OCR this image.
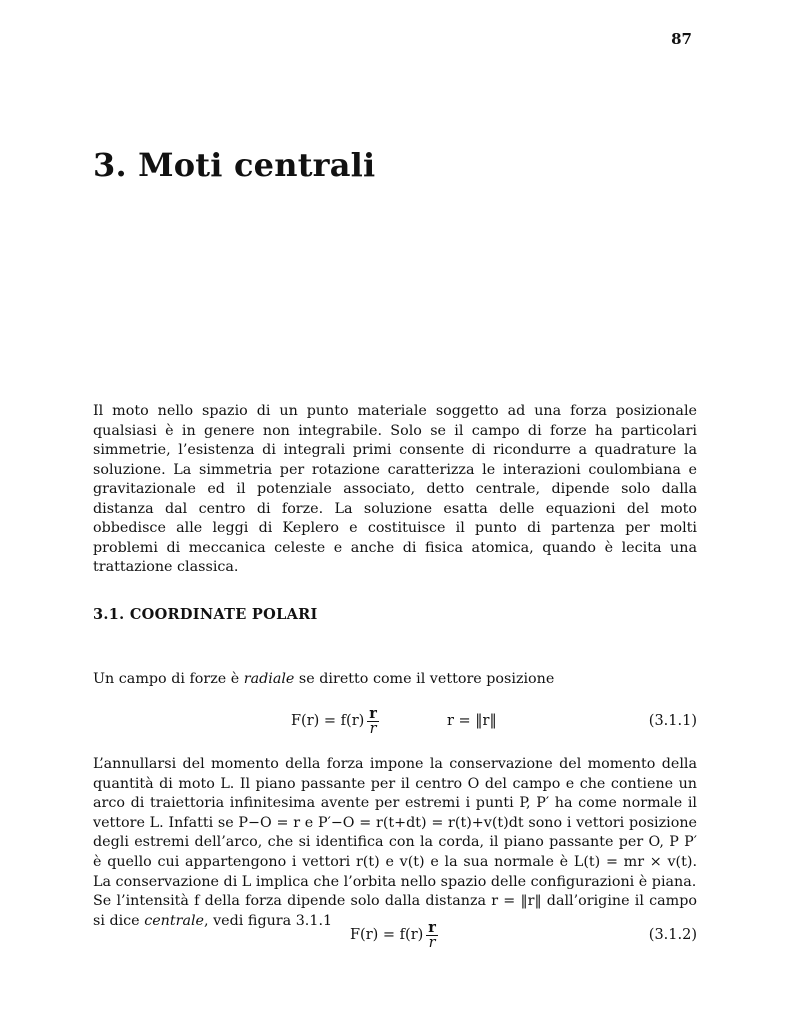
87
3. Moti centrali

Il moto nello spazio di un punto materiale soggetto ad una forza posizionale qualsiasi è in genere non integrabile. Solo se il campo di forze ha particolari simmetrie, l’esistenza di integrali primi consente di ricondurre a quadrature la soluzione. La simmetria per rotazione caratterizza le interazioni coulombiana e gravitazionale ed il potenziale associato, detto centrale, dipende solo dalla distanza dal centro di forze. La soluzione esatta delle equazioni del moto obbedisce alle leggi di Keplero e costituisce il punto di partenza per molti problemi di meccanica celeste e anche di fisica atomica, quando è lecita una trattazione classica.

3.1. COORDINATE POLARI
Un campo di forze è radiale se diretto come il vettore posizione
$F(r) = f(r) \frac{r}{r}$	r = ‖r‖	(3.1.1)

L’annullarsi del momento della forza impone la conservazione del momento della quantità di moto L. Il piano passante per il centro O del campo e che contiene un arco di traiettoria infinitesima avente per estremi i punti P, P′ ha come normale il vettore L. Infatti se P−O = r e P′−O = r(t+dt) = r(t)+v(t)dt sono i vettori posizione degli estremi dell’arco, che si identifica con la corda, il piano passante per O, P P′ è quello cui appartengono i vettori r(t) e v(t) e la sua normale è L(t) = mr × v(t). La conservazione di L implica che l’orbita nello spazio delle configurazioni è piana.

Se l’intensità f della forza dipende solo dalla distanza r = ‖r‖ dall’origine il campo si dice centrale, vedi figura 3.1.1

$F(r) = f(r) \frac{r}{r}$	(3.1.2)
